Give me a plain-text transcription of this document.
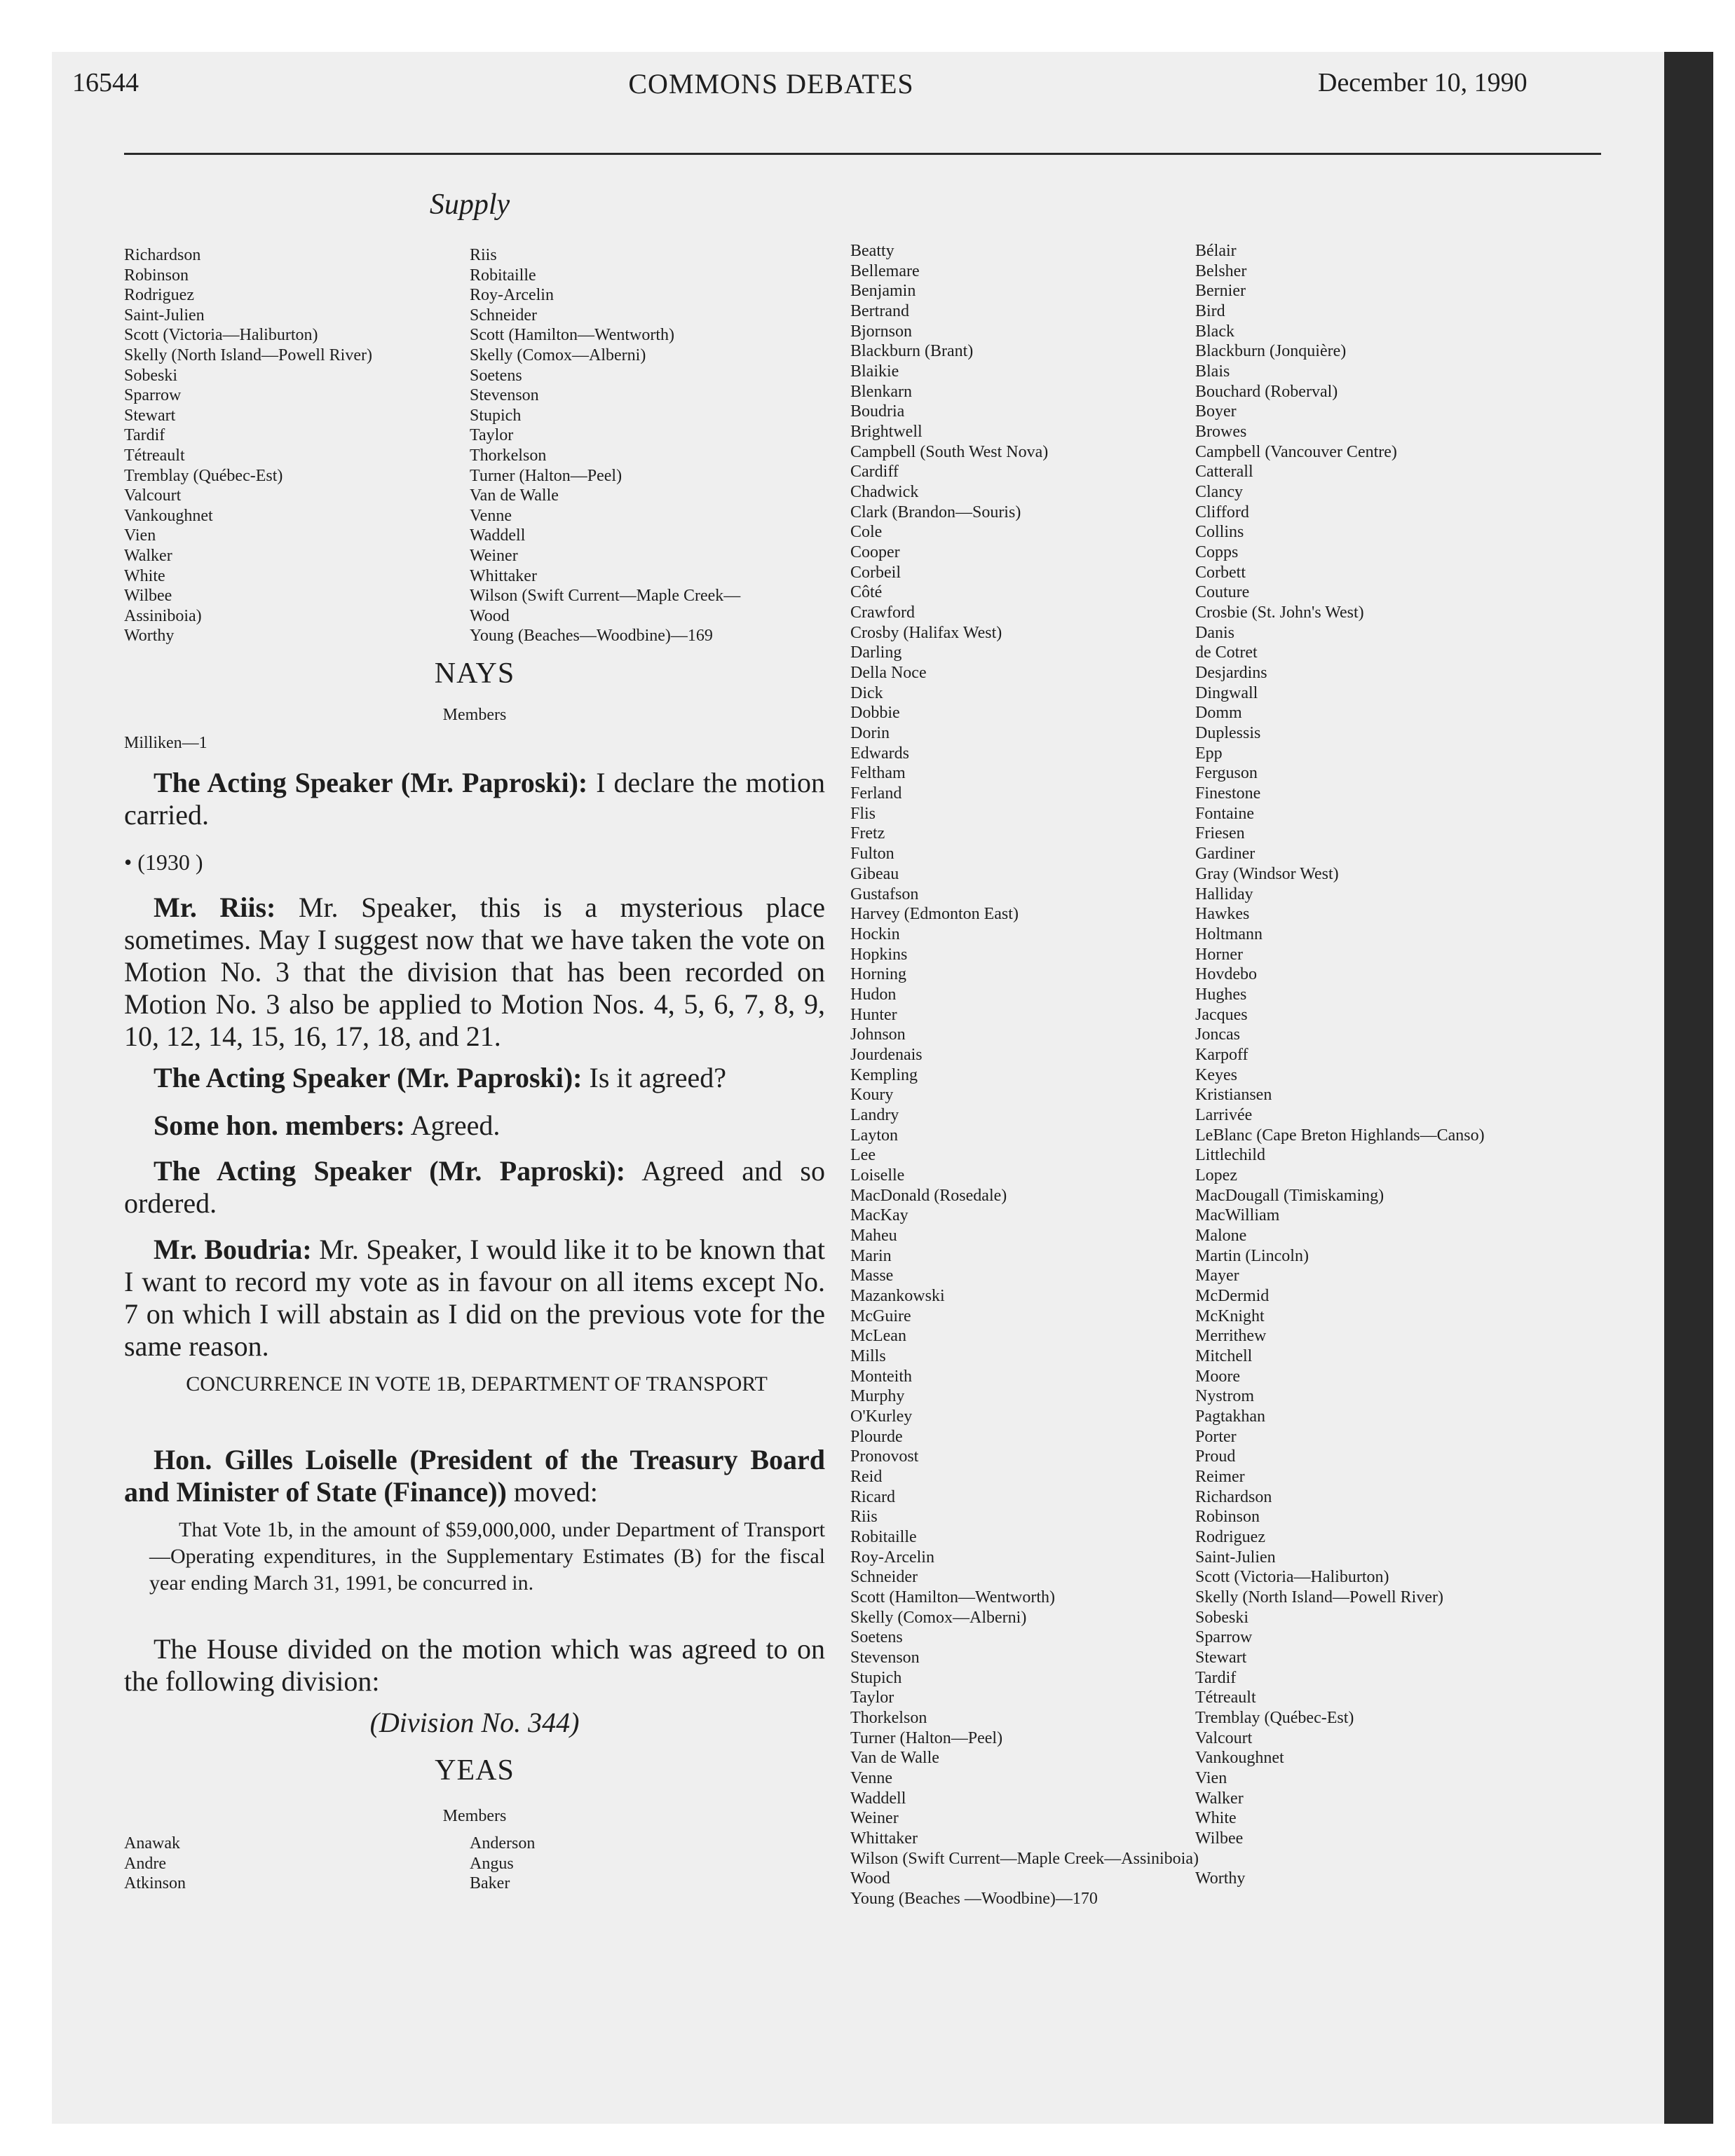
16544	COMMONS DEBATES	December 10, 1990
Supply
Richardson
Robinson
Rodriguez
Saint-Julien
Scott (Victoria—Haliburton)
Skelly (North Island—Powell River)
Sobeski
Sparrow
Stewart
Tardif
Tétreault
Tremblay (Québec-Est)
Valcourt
Vankoughnet
Vien
Walker
White
Wilbee
Assiniboia)
Worthy
Riis
Robitaille
Roy-Arcelin
Schneider
Scott (Hamilton—Wentworth)
Skelly (Comox—Alberni)
Soetens
Stevenson
Stupich
Taylor
Thorkelson
Turner (Halton—Peel)
Van de Walle
Venne
Waddell
Weiner
Whittaker
Wilson (Swift Current—Maple Creek—
Wood
Young (Beaches—Woodbine)—169
NAYS
Members
Milliken—1
The Acting Speaker (Mr. Paproski): I declare the motion carried.
• (1930 )
Mr. Riis: Mr. Speaker, this is a mysterious place sometimes. May I suggest now that we have taken the vote on Motion No. 3 that the division that has been recorded on Motion No. 3 also be applied to Motion Nos. 4, 5, 6, 7, 8, 9, 10, 12, 14, 15, 16, 17, 18, and 21.
The Acting Speaker (Mr. Paproski): Is it agreed?
Some hon. members: Agreed.
The Acting Speaker (Mr. Paproski): Agreed and so ordered.
Mr. Boudria: Mr. Speaker, I would like it to be known that I want to record my vote as in favour on all items except No. 7 on which I will abstain as I did on the previous vote for the same reason.
CONCURRENCE IN VOTE 1B, DEPARTMENT OF TRANSPORT
Hon. Gilles Loiselle (President of the Treasury Board and Minister of State (Finance)) moved:
That Vote 1b, in the amount of $59,000,000, under Department of Transport—Operating expenditures, in the Supplementary Estimates (B) for the fiscal year ending March 31, 1991, be concurred in.
The House divided on the motion which was agreed to on the following division:
(Division No. 344)
YEAS
Members
Anawak
Andre
Atkinson
Anderson
Angus
Baker
Beatty
Bellemare
Benjamin
Bertrand
Bjornson
Blackburn (Brant)
Blaikie
Blenkarn
Boudria
Brightwell
Campbell (South West Nova)
Cardiff
Chadwick
Clark (Brandon—Souris)
Cole
Cooper
Corbeil
Côté
Crawford
Crosby (Halifax West)
Darling
Della Noce
Dick
Dobbie
Dorin
Edwards
Feltham
Ferland
Flis
Fretz
Fulton
Gibeau
Gustafson
Harvey (Edmonton East)
Hockin
Hopkins
Horning
Hudon
Hunter
Johnson
Jourdenais
Kempling
Koury
Landry
Layton
Lee
Loiselle
MacDonald (Rosedale)
MacKay
Maheu
Marin
Masse
Mazankowski
McGuire
McLean
Mills
Monteith
Murphy
O'Kurley
Plourde
Pronovost
Reid
Ricard
Riis
Robitaille
Roy-Arcelin
Schneider
Scott (Hamilton—Wentworth)
Skelly (Comox—Alberni)
Soetens
Stevenson
Stupich
Taylor
Thorkelson
Turner (Halton—Peel)
Van de Walle
Venne
Waddell
Weiner
Whittaker
Wilson (Swift Current—Maple Creek—Assiniboia)
Wood
Young (Beaches —Woodbine)—170
Bélair
Belsher
Bernier
Bird
Black
Blackburn (Jonquière)
Blais
Bouchard (Roberval)
Boyer
Browes
Campbell (Vancouver Centre)
Catterall
Clancy
Clifford
Collins
Copps
Corbett
Couture
Crosbie (St. John's West)
Danis
de Cotret
Desjardins
Dingwall
Domm
Duplessis
Epp
Ferguson
Finestone
Fontaine
Friesen
Gardiner
Gray (Windsor West)
Halliday
Hawkes
Holtmann
Horner
Hovdebo
Hughes
Jacques
Joncas
Karpoff
Keyes
Kristiansen
Larrivée
LeBlanc (Cape Breton Highlands—Canso)
Littlechild
Lopez
MacDougall (Timiskaming)
MacWilliam
Malone
Martin (Lincoln)
Mayer
McDermid
McKnight
Merrithew
Mitchell
Moore
Nystrom
Pagtakhan
Porter
Proud
Reimer
Richardson
Robinson
Rodriguez
Saint-Julien
Scott (Victoria—Haliburton)
Skelly (North Island—Powell River)
Sobeski
Sparrow
Stewart
Tardif
Tétreault
Tremblay (Québec-Est)
Valcourt
Vankoughnet
Vien
Walker
White
Wilbee

Worthy
